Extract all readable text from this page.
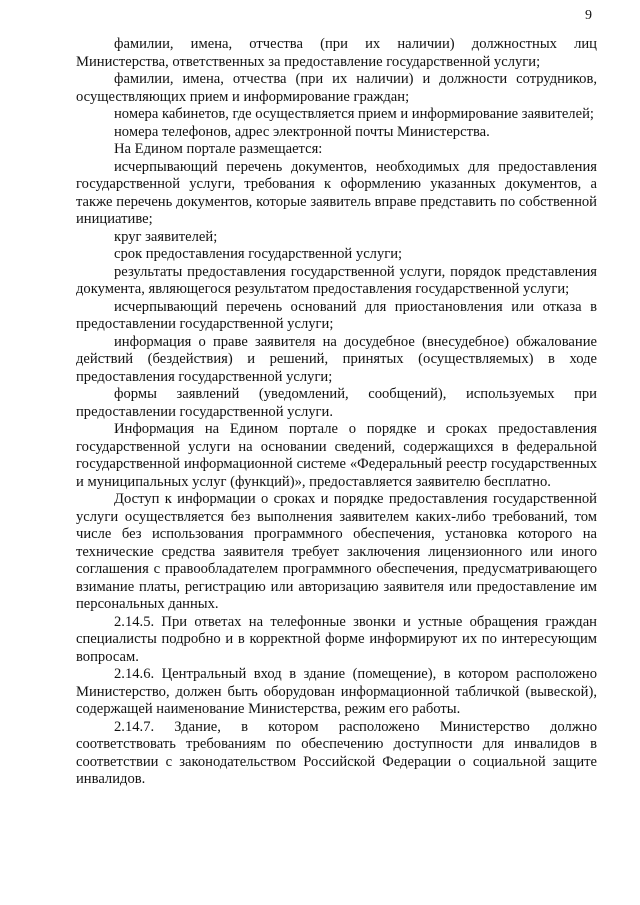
9

фамилии, имена, отчества (при их наличии) должностных лиц Министерства, ответственных за предоставление государственной услуги;

фамилии, имена, отчества (при их наличии) и должности сотрудников, осуществляющих прием и информирование граждан;

номера кабинетов, где осуществляется прием и информирование заявителей;

номера телефонов, адрес электронной почты Министерства.

На Едином портале размещается:

исчерпывающий перечень документов, необходимых для предоставления государственной услуги, требования к оформлению указанных документов, а также перечень документов, которые заявитель вправе представить по собственной инициативе;

круг заявителей;

срок предоставления государственной услуги;

результаты предоставления государственной услуги, порядок представления документа, являющегося результатом предоставления государственной услуги;

исчерпывающий перечень оснований для приостановления или отказа в предоставлении государственной услуги;

информация о праве заявителя на досудебное (внесудебное) обжалование действий (бездействия) и решений, принятых (осуществляемых) в ходе предоставления государственной услуги;

формы заявлений (уведомлений, сообщений), используемых при предоставлении государственной услуги.

Информация на Едином портале о порядке и сроках предоставления государственной услуги на основании сведений, содержащихся в федеральной государственной информационной системе «Федеральный реестр государственных и муниципальных услуг (функций)», предоставляется заявителю бесплатно.

Доступ к информации о сроках и порядке предоставления государственной услуги осуществляется без выполнения заявителем каких-либо требований, том числе без использования программного обеспечения, установка которого на технические средства заявителя требует заключения лицензионного или иного соглашения с правообладателем программного обеспечения, предусматривающего взимание платы, регистрацию или авторизацию заявителя или предоставление им персональных данных.

2.14.5. При ответах на телефонные звонки и устные обращения граждан специалисты подробно и в корректной форме информируют их по интересующим вопросам.

2.14.6. Центральный вход в здание (помещение), в котором расположено Министерство, должен быть оборудован информационной табличкой (вывеской), содержащей наименование Министерства, режим его работы.

2.14.7. Здание, в котором расположено Министерство должно соответствовать требованиям по обеспечению доступности для инвалидов в соответствии с законодательством Российской Федерации о социальной защите инвалидов.
